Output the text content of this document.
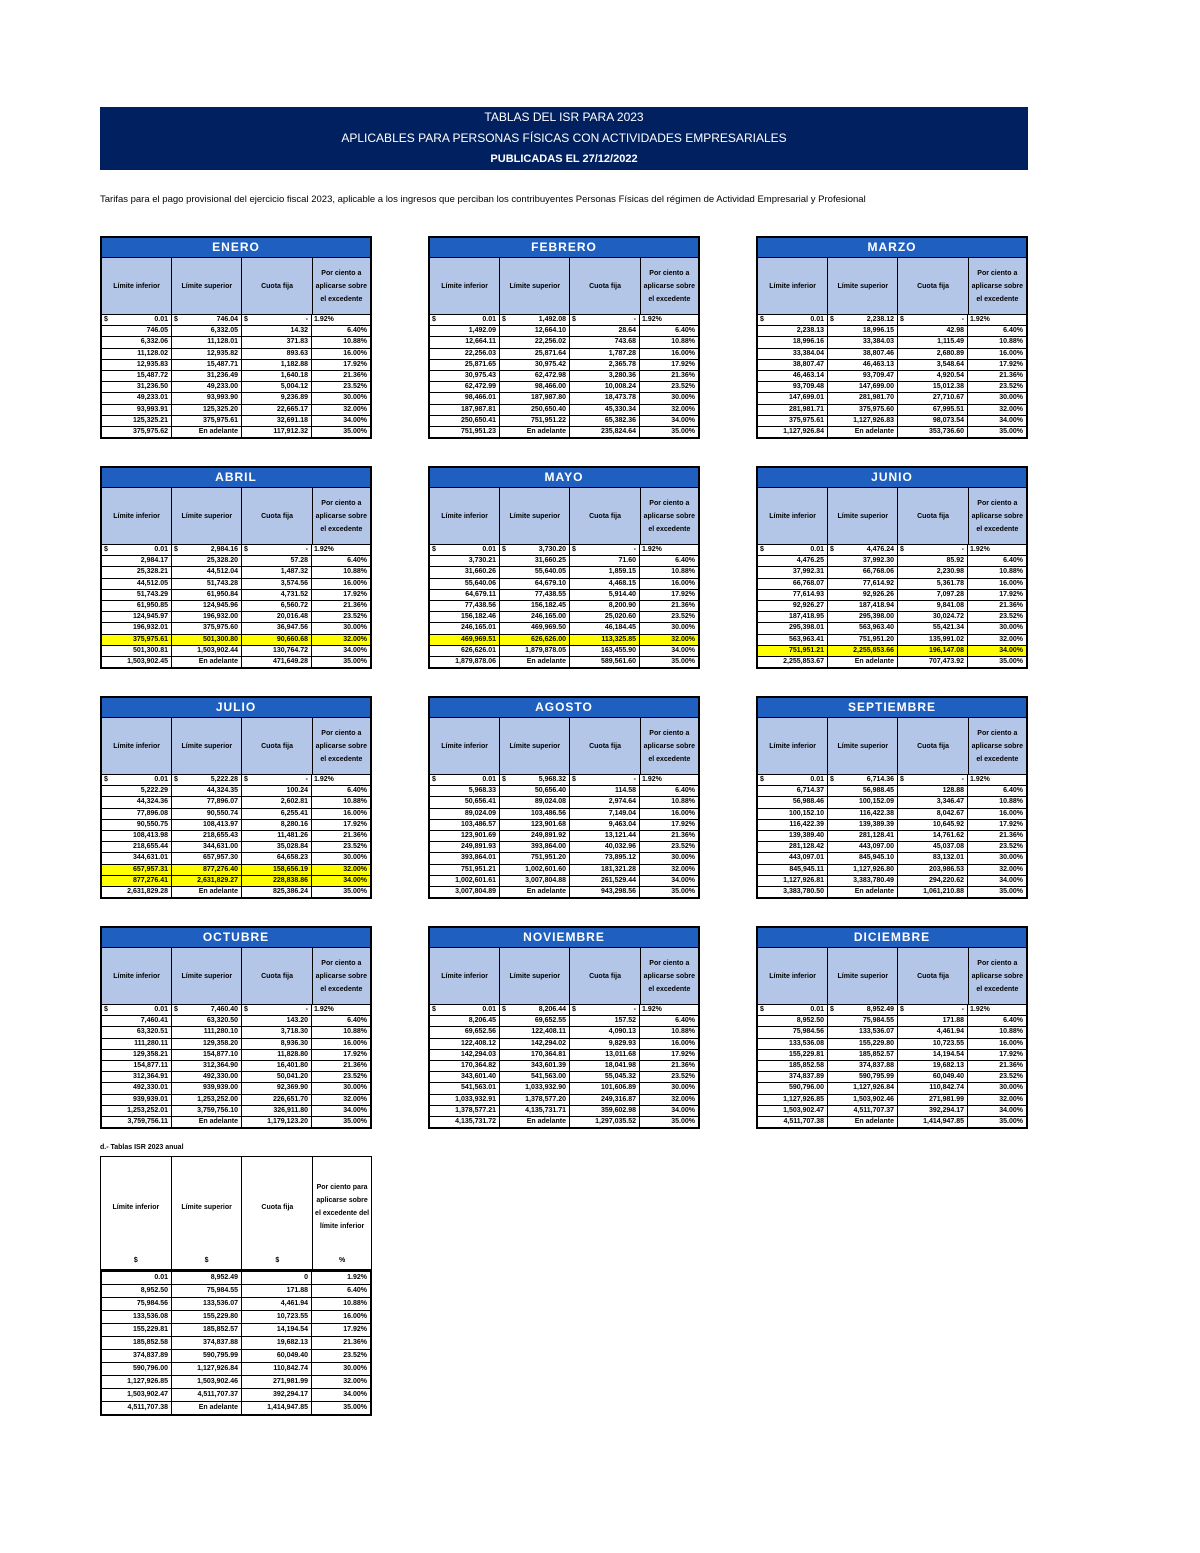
TABLAS DEL ISR PARA 2023
APLICABLES PARA PERSONAS FÍSICAS CON ACTIVIDADES EMPRESARIALES
PUBLICADAS EL 27/12/2022
Tarifas para el pago provisional del ejercicio fiscal 2023, aplicable a los ingresos que perciban los contribuyentes Personas Físicas del régimen de Actividad Empresarial y Profesional
ENERO
Límite inferior	Límite superior	Cuota fija
Por ciento a aplicarse sobre el excedente
$	0.01 $	746.04 $	- 1.92%
746.05	6,332.05	14.32	6.40%
6,332.06	11,128.01	371.83	10.88%
11,128.02	12,935.82	893.63	16.00%
12,935.83	15,487.71	1,182.88	17.92%
15,487.72	31,236.49	1,640.18	21.36%
31,236.50	49,233.00	5,004.12	23.52%
49,233.01	93,993.90	9,236.89	30.00%
93,993.91	125,325.20	22,665.17	32.00%
125,325.21	375,975.61	32,691.18	34.00%
375,975.62	En adelante	117,912.32	35.00%
FEBRERO
Límite inferior	Límite superior	Cuota fija
Por ciento a aplicarse sobre el excedente
$	0.01 $	1,492.08 $	- 1.92%
1,492.09	12,664.10	28.64	6.40%
12,664.11	22,256.02	743.68	10.88%
22,256.03	25,871.64	1,787.28	16.00%
25,871.65	30,975.42	2,365.78	17.92%
30,975.43	62,472.98	3,280.36	21.36%
62,472.99	98,466.00	10,008.24	23.52%
98,466.01	187,987.80	18,473.78	30.00%
187,987.81	250,650.40	45,330.34	32.00%
250,650.41	751,951.22	65,382.36	34.00%
751,951.23	En adelante	235,824.64	35.00%
MARZO
Límite inferior	Límite superior	Cuota fija
Por ciento a aplicarse sobre el excedente
$	0.01 $	2,238.12 $	- 1.92%
2,238.13	18,996.15	42.98	6.40%
18,996.16	33,384.03	1,115.49	10.88%
33,384.04	38,807.46	2,680.89	16.00%
38,807.47	46,463.13	3,548.64	17.92%
46,463.14	93,709.47	4,920.54	21.36%
93,709.48	147,699.00	15,012.38	23.52%
147,699.01	281,981.70	27,710.67	30.00%
281,981.71	375,975.60	67,995.51	32.00%
375,975.61	1,127,926.83	98,073.54	34.00%
1,127,926.84	En adelante	353,736.60	35.00%
ABRIL
Límite inferior	Límite superior	Cuota fija
Por ciento a aplicarse sobre el excedente
$	0.01 $	2,984.16 $	- 1.92%
2,984.17	25,328.20	57.28	6.40%
25,328.21	44,512.04	1,487.32	10.88%
44,512.05	51,743.28	3,574.56	16.00%
51,743.29	61,950.84	4,731.52	17.92%
61,950.85	124,945.96	6,560.72	21.36%
124,945.97	196,932.00	20,016.48	23.52%
196,932.01	375,975.60	36,947.56	30.00%
375,975.61	501,300.80	90,660.68	32.00%
501,300.81	1,503,902.44	130,764.72	34.00%
1,503,902.45	En adelante	471,649.28	35.00%
MAYO
Límite inferior	Límite superior	Cuota fija
Por ciento a aplicarse sobre el excedente
$	0.01 $	3,730.20 $	- 1.92%
3,730.21	31,660.25	71.60	6.40%
31,660.26	55,640.05	1,859.15	10.88%
55,640.06	64,679.10	4,468.15	16.00%
64,679.11	77,438.55	5,914.40	17.92%
77,438.56	156,182.45	8,200.90	21.36%
156,182.46	246,165.00	25,020.60	23.52%
246,165.01	469,969.50	46,184.45	30.00%
469,969.51	626,626.00	113,325.85	32.00%
626,626.01	1,879,878.05	163,455.90	34.00%
1,879,878.06	En adelante	589,561.60	35.00%
JUNIO
Límite inferior	Límite superior	Cuota fija
Por ciento a aplicarse sobre el excedente
$	0.01 $	4,476.24 $	- 1.92%
4,476.25	37,992.30	85.92	6.40%
37,992.31	66,768.06	2,230.98	10.88%
66,768.07	77,614.92	5,361.78	16.00%
77,614.93	92,926.26	7,097.28	17.92%
92,926.27	187,418.94	9,841.08	21.36%
187,418.95	295,398.00	30,024.72	23.52%
295,398.01	563,963.40	55,421.34	30.00%
563,963.41	751,951.20	135,991.02	32.00%
751,951.21	2,255,853.66	196,147.08	34.00%
2,255,853.67	En adelante	707,473.92	35.00%
JULIO
Límite inferior	Límite superior	Cuota fija
Por ciento a aplicarse sobre el excedente
$	0.01 $	5,222.28 $	- 1.92%
5,222.29	44,324.35	100.24	6.40%
44,324.36	77,896.07	2,602.81	10.88%
77,896.08	90,550.74	6,255.41	16.00%
90,550.75	108,413.97	8,280.16	17.92%
108,413.98	218,655.43	11,481.26	21.36%
218,655.44	344,631.00	35,028.84	23.52%
344,631.01	657,957.30	64,658.23	30.00%
657,957.31	877,276.40	158,656.19	32.00%
877,276.41	2,631,829.27	228,838.86	34.00%
2,631,829.28	En adelante	825,386.24	35.00%
AGOSTO
Límite inferior	Límite superior	Cuota fija
Por ciento a aplicarse sobre el excedente
$	0.01 $	5,968.32 $	- 1.92%
5,968.33	50,656.40	114.58	6.40%
50,656.41	89,024.08	2,974.64	10.88%
89,024.09	103,486.56	7,149.04	16.00%
103,486.57	123,901.68	9,463.04	17.92%
123,901.69	249,891.92	13,121.44	21.36%
249,891.93	393,864.00	40,032.96	23.52%
393,864.01	751,951.20	73,895.12	30.00%
751,951.21	1,002,601.60	181,321.28	32.00%
1,002,601.61	3,007,804.88	261,529.44	34.00%
3,007,804.89	En adelante	943,298.56	35.00%
SEPTIEMBRE
Límite inferior	Límite superior	Cuota fija
Por ciento a aplicarse sobre el excedente
$	0.01 $	6,714.36 $	- 1.92%
6,714.37	56,988.45	128.88	6.40%
56,988.46	100,152.09	3,346.47	10.88%
100,152.10	116,422.38	8,042.67	16.00%
116,422.39	139,389.39	10,645.92	17.92%
139,389.40	281,128.41	14,761.62	21.36%
281,128.42	443,097.00	45,037.08	23.52%
443,097.01	845,945.10	83,132.01	30.00%
845,945.11	1,127,926.80	203,986.53	32.00%
1,127,926.81	3,383,780.49	294,220.62	34.00%
3,383,780.50	En adelante	1,061,210.88	35.00%
OCTUBRE
Límite inferior	Límite superior	Cuota fija
Por ciento a aplicarse sobre el excedente
$	0.01 $	7,460.40 $	- 1.92%
7,460.41	63,320.50	143.20	6.40%
63,320.51	111,280.10	3,718.30	10.88%
111,280.11	129,358.20	8,936.30	16.00%
129,358.21	154,877.10	11,828.80	17.92%
154,877.11	312,364.90	16,401.80	21.36%
312,364.91	492,330.00	50,041.20	23.52%
492,330.01	939,939.00	92,369.90	30.00%
939,939.01	1,253,252.00	226,651.70	32.00%
1,253,252.01	3,759,756.10	326,911.80	34.00%
3,759,756.11	En adelante	1,179,123.20	35.00%
NOVIEMBRE
Límite inferior	Límite superior	Cuota fija
Por ciento a aplicarse sobre el excedente
$	0.01 $	8,206.44 $	- 1.92%
8,206.45	69,652.55	157.52	6.40%
69,652.56	122,408.11	4,090.13	10.88%
122,408.12	142,294.02	9,829.93	16.00%
142,294.03	170,364.81	13,011.68	17.92%
170,364.82	343,601.39	18,041.98	21.36%
343,601.40	541,563.00	55,045.32	23.52%
541,563.01	1,033,932.90	101,606.89	30.00%
1,033,932.91	1,378,577.20	249,316.87	32.00%
1,378,577.21	4,135,731.71	359,602.98	34.00%
4,135,731.72	En adelante	1,297,035.52	35.00%
DICIEMBRE
Límite inferior	Límite superior	Cuota fija
Por ciento a aplicarse sobre el excedente
$	0.01 $	8,952.49 $	- 1.92%
8,952.50	75,984.55	171.88	6.40%
75,984.56	133,536.07	4,461.94	10.88%
133,536.08	155,229.80	10,723.55	16.00%
155,229.81	185,852.57	14,194.54	17.92%
185,852.58	374,837.88	19,682.13	21.36%
374,837.89	590,795.99	60,049.40	23.52%
590,796.00	1,127,926.84	110,842.74	30.00%
1,127,926.85	1,503,902.46	271,981.99	32.00%
1,503,902.47	4,511,707.37	392,294.17	34.00%
4,511,707.38	En adelante	1,414,947.85	35.00%
d.- Tablas ISR 2023 anual
Límite inferior	Límite superior	Cuota fija
Por ciento para aplicarse sobre el excedente del límite inferior
$	$	$	%
0.01	8,952.49	0	1.92%
8,952.50	75,984.55	171.88	6.40%
75,984.56	133,536.07	4,461.94	10.88%
133,536.08	155,229.80	10,723.55	16.00%
155,229.81	185,852.57	14,194.54	17.92%
185,852.58	374,837.88	19,682.13	21.36%
374,837.89	590,795.99	60,049.40	23.52%
590,796.00	1,127,926.84	110,842.74	30.00%
1,127,926.85	1,503,902.46	271,981.99	32.00%
1,503,902.47	4,511,707.37	392,294.17	34.00%
4,511,707.38	En adelante	1,414,947.85	35.00%
